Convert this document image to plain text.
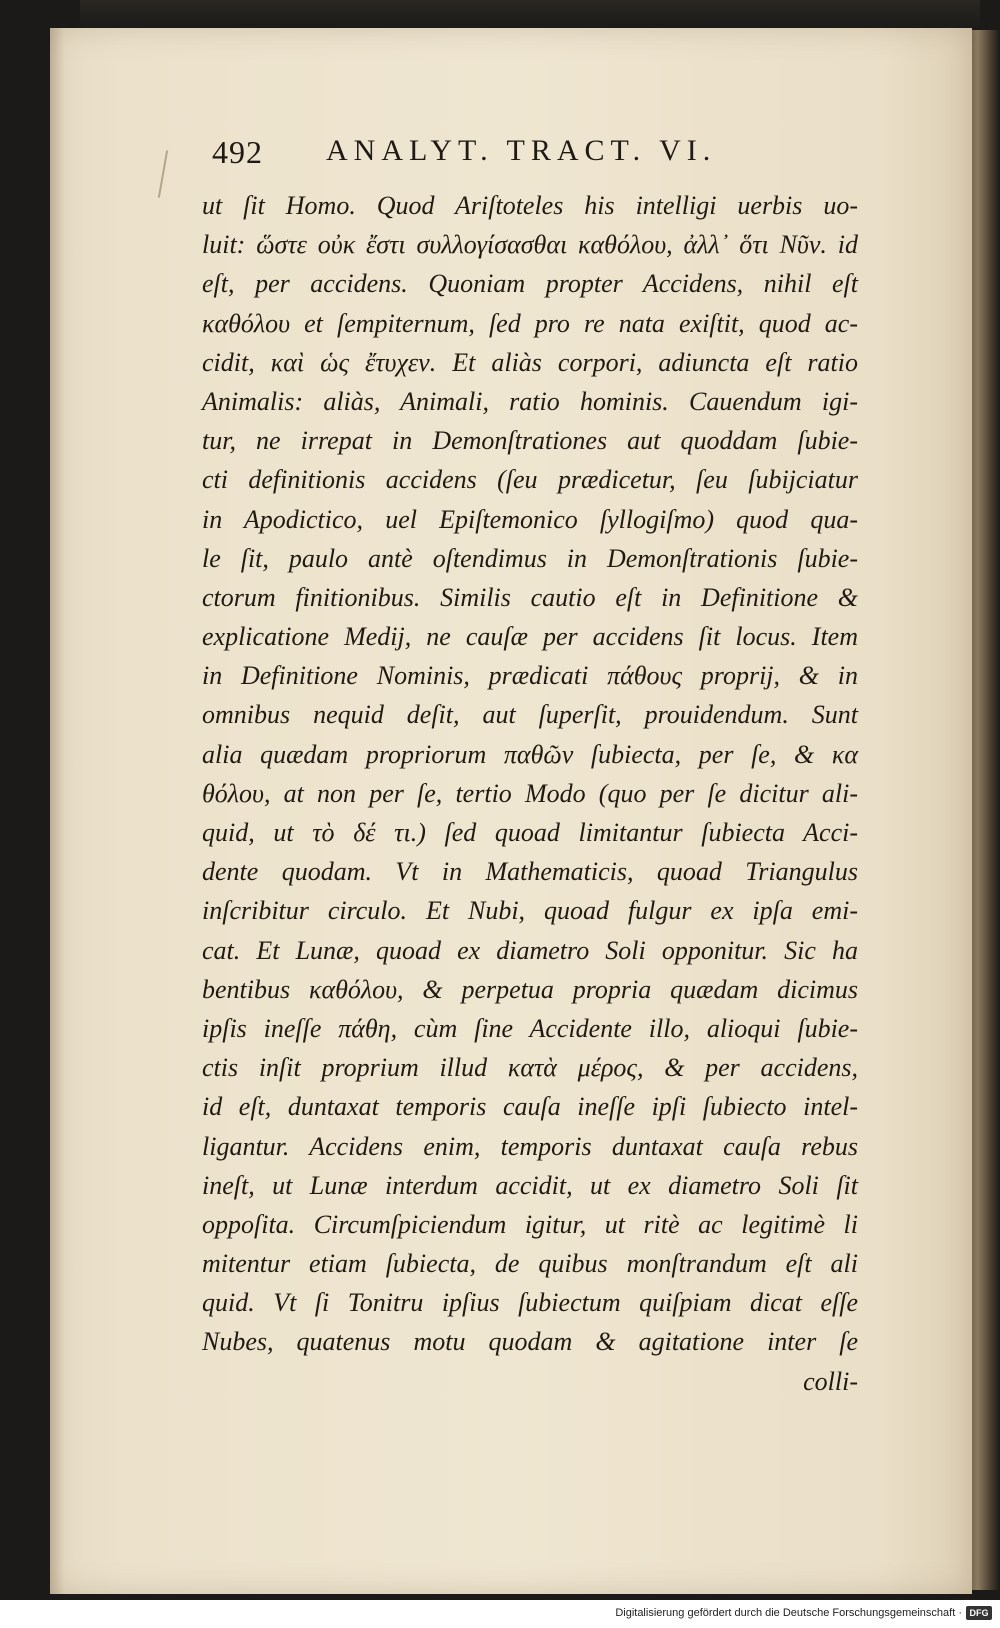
492 ANALYT. TRACT. VI.
ut ſit Homo. Quod Ariſtoteles his intelligi uerbis uo-
luit: ὥστε οὐκ ἔστι συλλογίσασθαι καθόλου, ἀλλ᾽ ὅτι Νῦν. id
eſt, per accidens. Quoniam propter Accidens, nihil eſt
καθόλου et ſempiternum, ſed pro re nata exiſtit, quod ac-
cidit, καὶ ὡς ἔτυχεν. Et aliàs corpori, adiuncta eſt ratio
Animalis: aliàs, Animali, ratio hominis. Cauendum igi-
tur, ne irrepat in Demonſtrationes aut quoddam ſubie-
cti definitionis accidens (ſeu prædicetur, ſeu ſubijciatur
in Apodictico, uel Epiſtemonico ſyllogiſmo) quod qua-
le ſit, paulo antè oſtendimus in Demonſtrationis ſubie-
ctorum finitionibus. Similis cautio eſt in Definitione &
explicatione Medij, ne cauſæ per accidens ſit locus. Item
in Definitione Nominis, prædicati πάθους proprij, & in
omnibus nequid deſit, aut ſuperſit, prouidendum. Sunt
alia quædam propriorum παθῶν ſubiecta, per ſe, & κα
θόλου, at non per ſe, tertio Modo (quo per ſe dicitur ali-
quid, ut τὸ δέ τι.) ſed quoad limitantur ſubiecta Acci-
dente quodam. Vt in Mathematicis, quoad Triangulus
inſcribitur circulo. Et Nubi, quoad fulgur ex ipſa emi-
cat. Et Lunæ, quoad ex diametro Soli opponitur. Sic ha
bentibus καθόλου, & perpetua propria quædam dicimus
ipſis ineſſe πάθη, cùm ſine Accidente illo, alioqui ſubie-
ctis inſit proprium illud κατὰ μέρος, & per accidens,
id eſt, duntaxat temporis cauſa ineſſe ipſi ſubiecto intel-
ligantur. Accidens enim, temporis duntaxat cauſa rebus
ineſt, ut Lunæ interdum accidit, ut ex diametro Soli ſit
oppoſita. Circumſpiciendum igitur, ut ritè ac legitimè li
mitentur etiam ſubiecta, de quibus monſtrandum eſt ali
quid. Vt ſi Tonitru ipſius ſubiectum quiſpiam dicat eſſe
Nubes, quatenus motu quodam & agitatione inter ſe
colli-
Digitalisierung gefördert durch die Deutsche Forschungsgemeinschaft · DFG
